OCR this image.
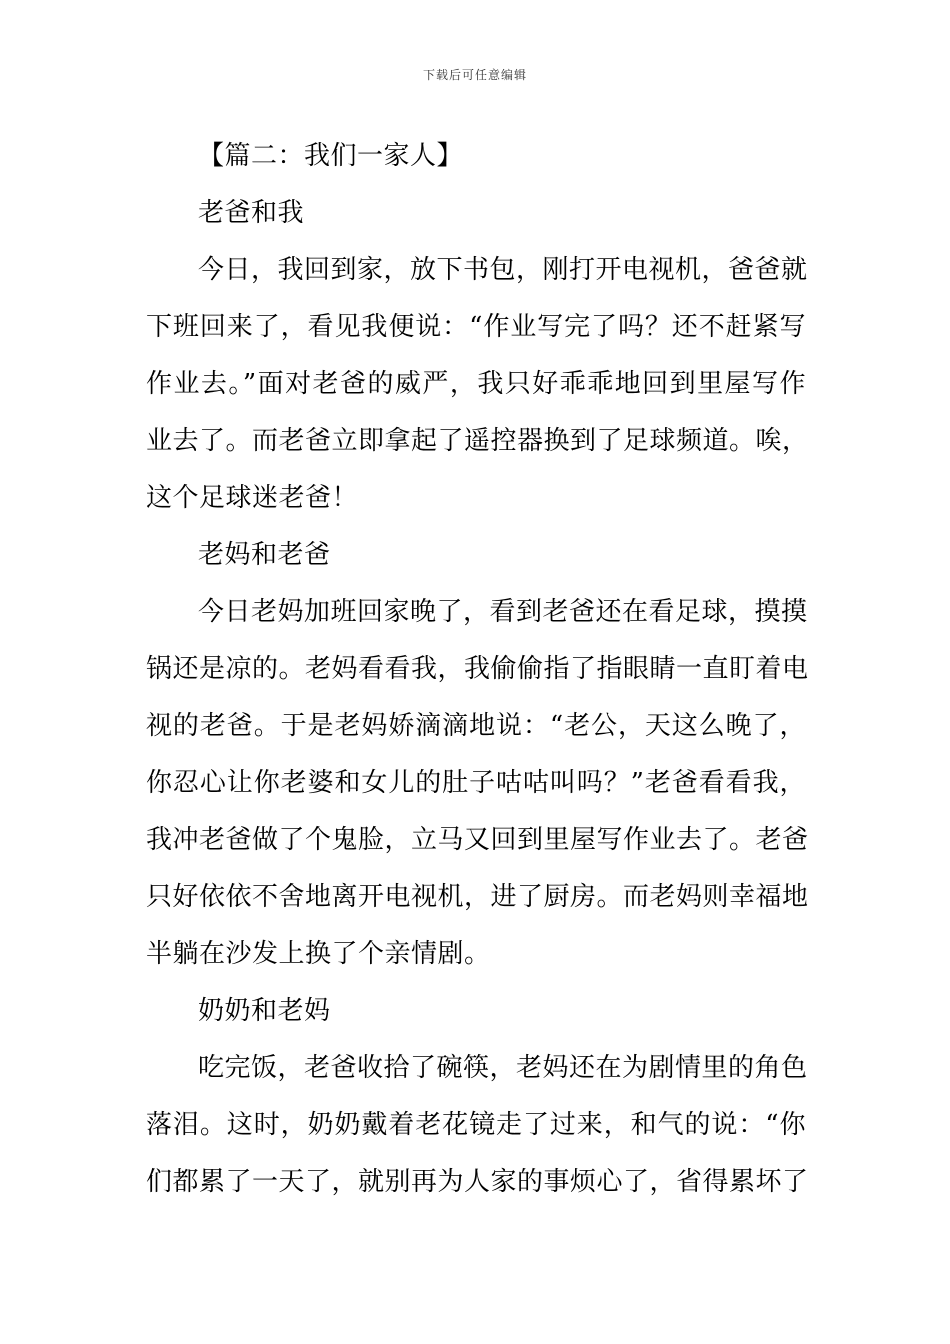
下载后可任意编辑
【篇二：我们一家人】
老爸和我
今日，我回到家，放下书包，刚打开电视机，爸爸就
下班回来了，看见我便说：“作业写完了吗？还不赶紧写
作业去。”面对老爸的威严，我只好乖乖地回到里屋写作
业去了。而老爸立即拿起了遥控器换到了足球频道。唉，
这个足球迷老爸！
老妈和老爸
今日老妈加班回家晚了，看到老爸还在看足球，摸摸
锅还是凉的。老妈看看我，我偷偷指了指眼睛一直盯着电
视的老爸。于是老妈娇滴滴地说：“老公，天这么晚了，
你忍心让你老婆和女儿的肚子咕咕叫吗？”老爸看看我，
我冲老爸做了个鬼脸，立马又回到里屋写作业去了。老爸
只好依依不舍地离开电视机，进了厨房。而老妈则幸福地
半躺在沙发上换了个亲情剧。
奶奶和老妈
吃完饭，老爸收拾了碗筷，老妈还在为剧情里的角色
落泪。这时，奶奶戴着老花镜走了过来，和气的说：“你
们都累了一天了，就别再为人家的事烦心了，省得累坏了
